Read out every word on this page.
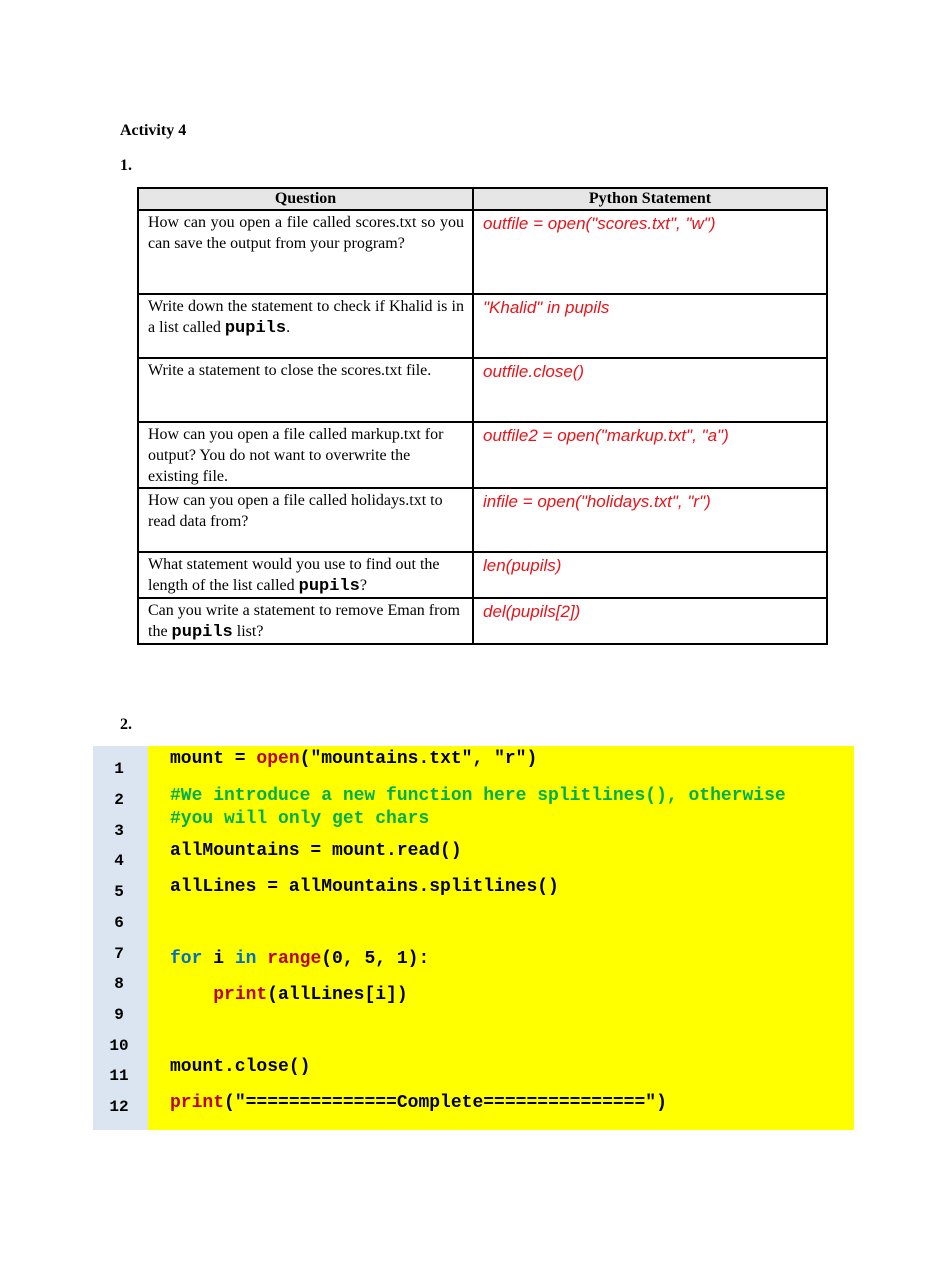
Activity 4
1.
Question	Python Statement
How can you open a file called scores.txt so you can save the output from your program?	outfile = open("scores.txt", "w")
Write down the statement to check if Khalid is in a list called pupils.	"Khalid" in pupils
Write a statement to close the scores.txt file.	outfile.close()
How can you open a file called markup.txt for output? You do not want to overwrite the existing file.	outfile2 = open("markup.txt", "a")
How can you open a file called holidays.txt to read data from?	infile = open("holidays.txt", "r")
What statement would you use to find out the length of the list called pupils?	len(pupils)
Can you write a statement to remove Eman from the pupils list?	del(pupils[2])
2.
1
2
3
4
5
6
7
8
9
10
11
12
mount = open("mountains.txt", "r")
#We introduce a new function here splitlines(), otherwise
#you will only get chars
allMountains = mount.read()
allLines = allMountains.splitlines()
for i in range(0, 5, 1):
print(allLines[i])
mount.close()
print("==============Complete===============")
